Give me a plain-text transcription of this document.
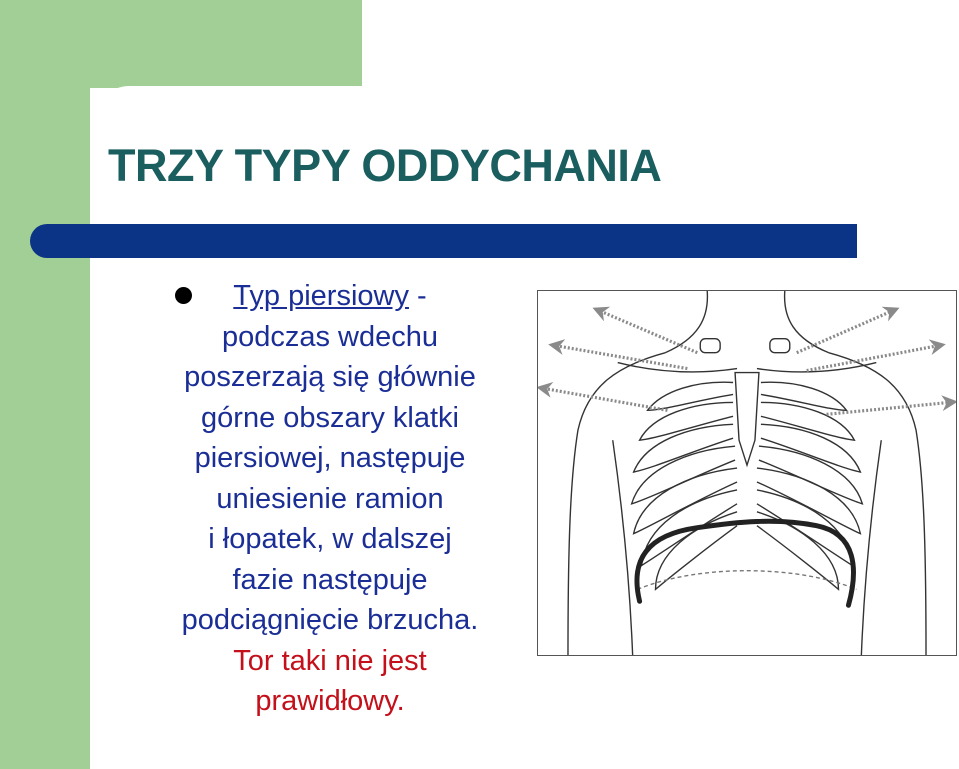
TRZY TYPY ODDYCHANIA
Typ piersiowy -
podczas wdechu
poszerzają się głównie
górne obszary klatki
piersiowej, następuje
uniesienie ramion
i łopatek, w dalszej
fazie następuje
podciągnięcie brzucha.
Tor taki nie jest
prawidłowy.
